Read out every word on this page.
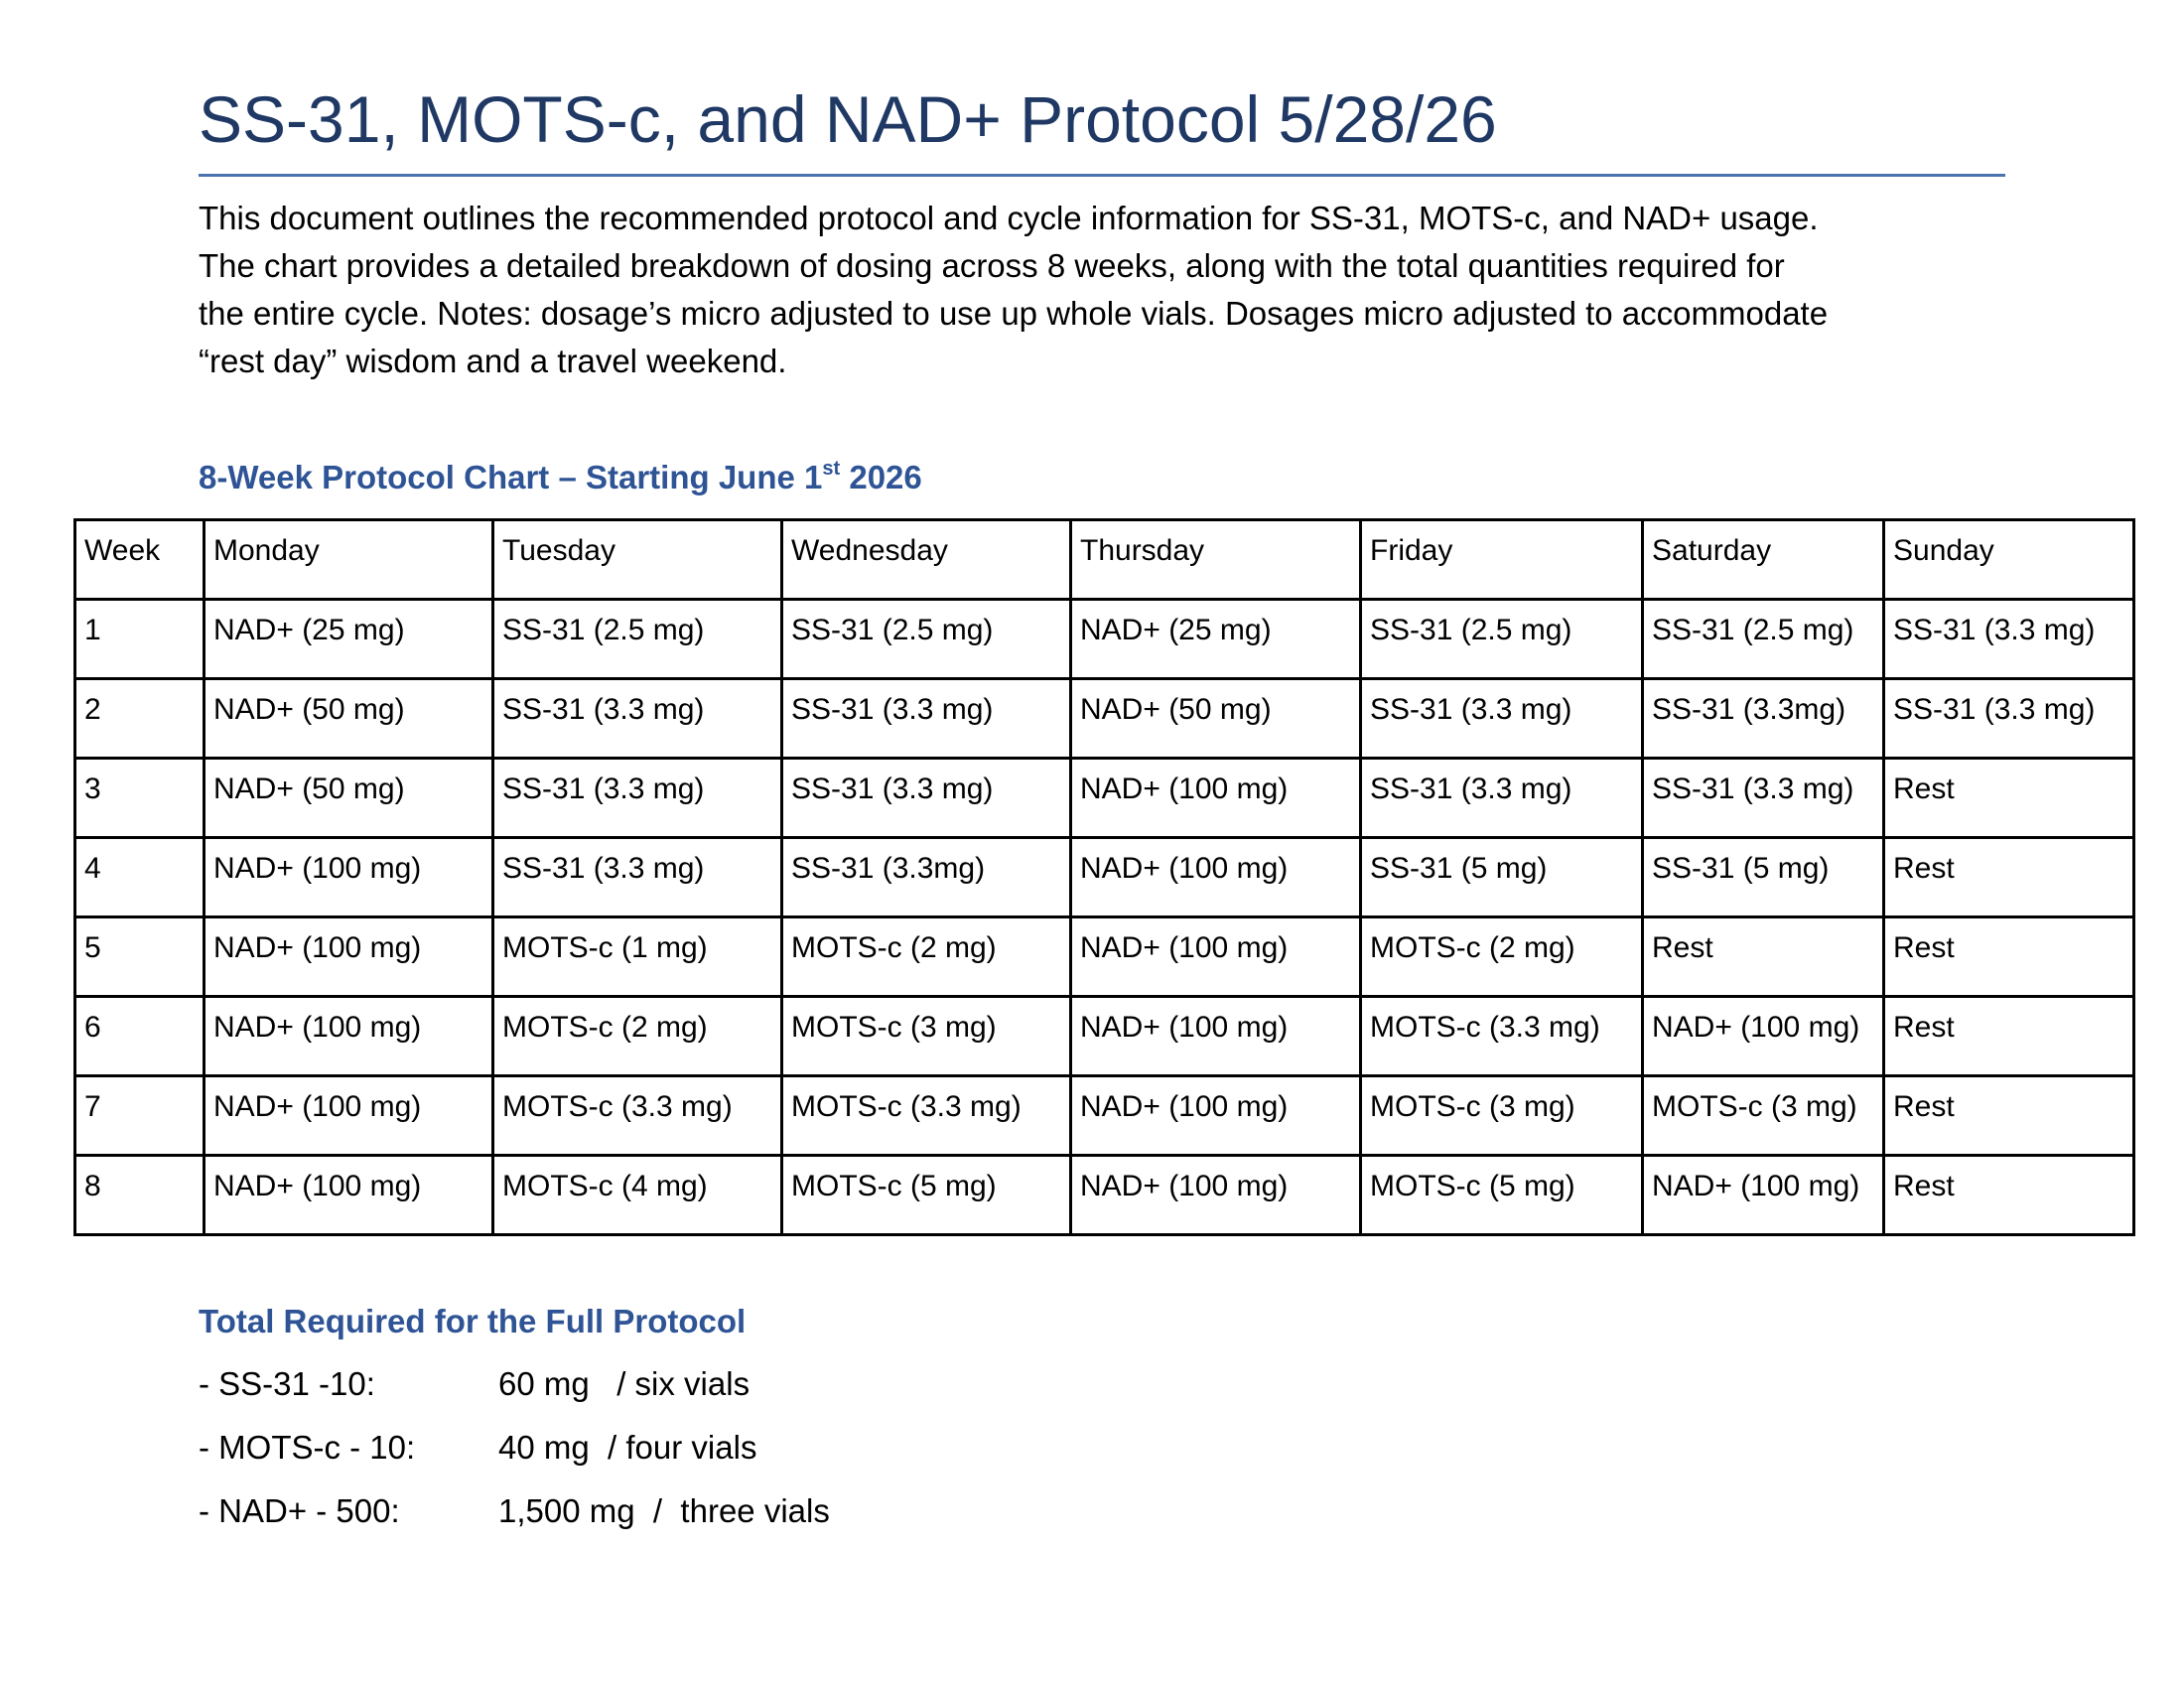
SS-31, MOTS-c, and NAD+ Protocol 5/28/26
This document outlines the recommended protocol and cycle information for SS-31, MOTS-c, and NAD+ usage.
The chart provides a detailed breakdown of dosing across 8 weeks, along with the total quantities required for
the entire cycle. Notes: dosage’s micro adjusted to use up whole vials. Dosages micro adjusted to accommodate
“rest day” wisdom and a travel weekend.
8-Week Protocol Chart – Starting June 1st 2026
Week	Monday	Tuesday	Wednesday	Thursday	Friday	Saturday	Sunday
1	NAD+ (25 mg)	SS-31 (2.5 mg)	SS-31 (2.5 mg)	NAD+ (25 mg)	SS-31 (2.5 mg)	SS-31 (2.5 mg)	SS-31 (3.3 mg)
2	NAD+ (50 mg)	SS-31 (3.3 mg)	SS-31 (3.3 mg)	NAD+ (50 mg)	SS-31 (3.3 mg)	SS-31 (3.3mg)	SS-31 (3.3 mg)
3	NAD+ (50 mg)	SS-31 (3.3 mg)	SS-31 (3.3 mg)	NAD+ (100 mg)	SS-31 (3.3 mg)	SS-31 (3.3 mg)	Rest
4	NAD+ (100 mg)	SS-31 (3.3 mg)	SS-31 (3.3mg)	NAD+ (100 mg)	SS-31 (5 mg)	SS-31 (5 mg)	Rest
5	NAD+ (100 mg)	MOTS-c (1 mg)	MOTS-c (2 mg)	NAD+ (100 mg)	MOTS-c (2 mg)	Rest	Rest
6	NAD+ (100 mg)	MOTS-c (2 mg)	MOTS-c (3 mg)	NAD+ (100 mg)	MOTS-c (3.3 mg)	NAD+ (100 mg)	Rest
7	NAD+ (100 mg)	MOTS-c (3.3 mg)	MOTS-c (3.3 mg)	NAD+ (100 mg)	MOTS-c (3 mg)	MOTS-c (3 mg)	Rest
8	NAD+ (100 mg)	MOTS-c (4 mg)	MOTS-c (5 mg)	NAD+ (100 mg)	MOTS-c (5 mg)	NAD+ (100 mg)	Rest
Total Required for the Full Protocol
- SS-31 -10:	60 mg   / six vials
- MOTS-c - 10:	40 mg  / four vials
- NAD+ - 500:	1,500 mg  /  three vials
